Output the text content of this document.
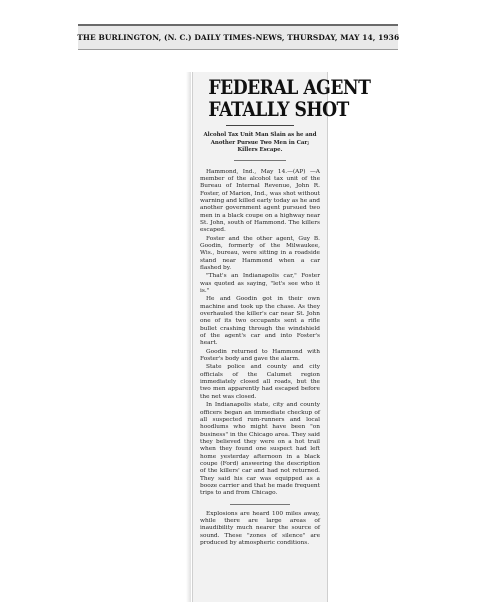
THE BURLINGTON, (N. C.) DAILY TIMES-NEWS, THURSDAY, MAY 14, 1936
FEDERAL AGENT
FATALLY SHOT
Alcohol Tax Unit Man Slain as he and Another Pursue Two Men in Car; Killers Escape.

Hammond, Ind., May 14.—(AP) —A member of the alcohol tax unit of the Bureau of Internal Revenue, John R. Foster, of Marion, Ind., was shot without warning and killed early today as he and another government agent pursued two men in a black coupe on a highway near St. John, south of Hammond. The killers escaped.

Foster and the other agent, Guy B. Goodin, formerly of the Milwaukee, Wis., bureau, were sitting in a roadside stand near Hammond when a car flashed by.

"That's an Indianapolis car," Foster was quoted as saying, "let's see who it is."

He and Goodin got in their own machine and took up the chase. As they overhauled the killer's car near St. John one of its two occupants sent a rifle bullet crashing through the windshield of the agent's car and into Foster's heart.

Goodin returned to Hammond with Foster's body and gave the alarm.

State police and county and city officials of the Calumet region immediately closed all roads, but the two men apparently had escaped before the net was closed.

In Indianapolis state, city and county officers began an immediate checkup of all suspected rum-runners and local hoodlums who might have been "on business" in the Chicago area. They said they believed they were on a hot trail when they found one suspect had left home yesterday afternoon in a black coupe (Ford) answering the description of the killers' car and had not returned. They said his car was equipped as a booze carrier and that he made frequent trips to and from Chicago.

Explosions are heard 100 miles away, while there are large areas of inaudibility much nearer the source of sound. These "zones of silence" are produced by atmospheric conditions.
